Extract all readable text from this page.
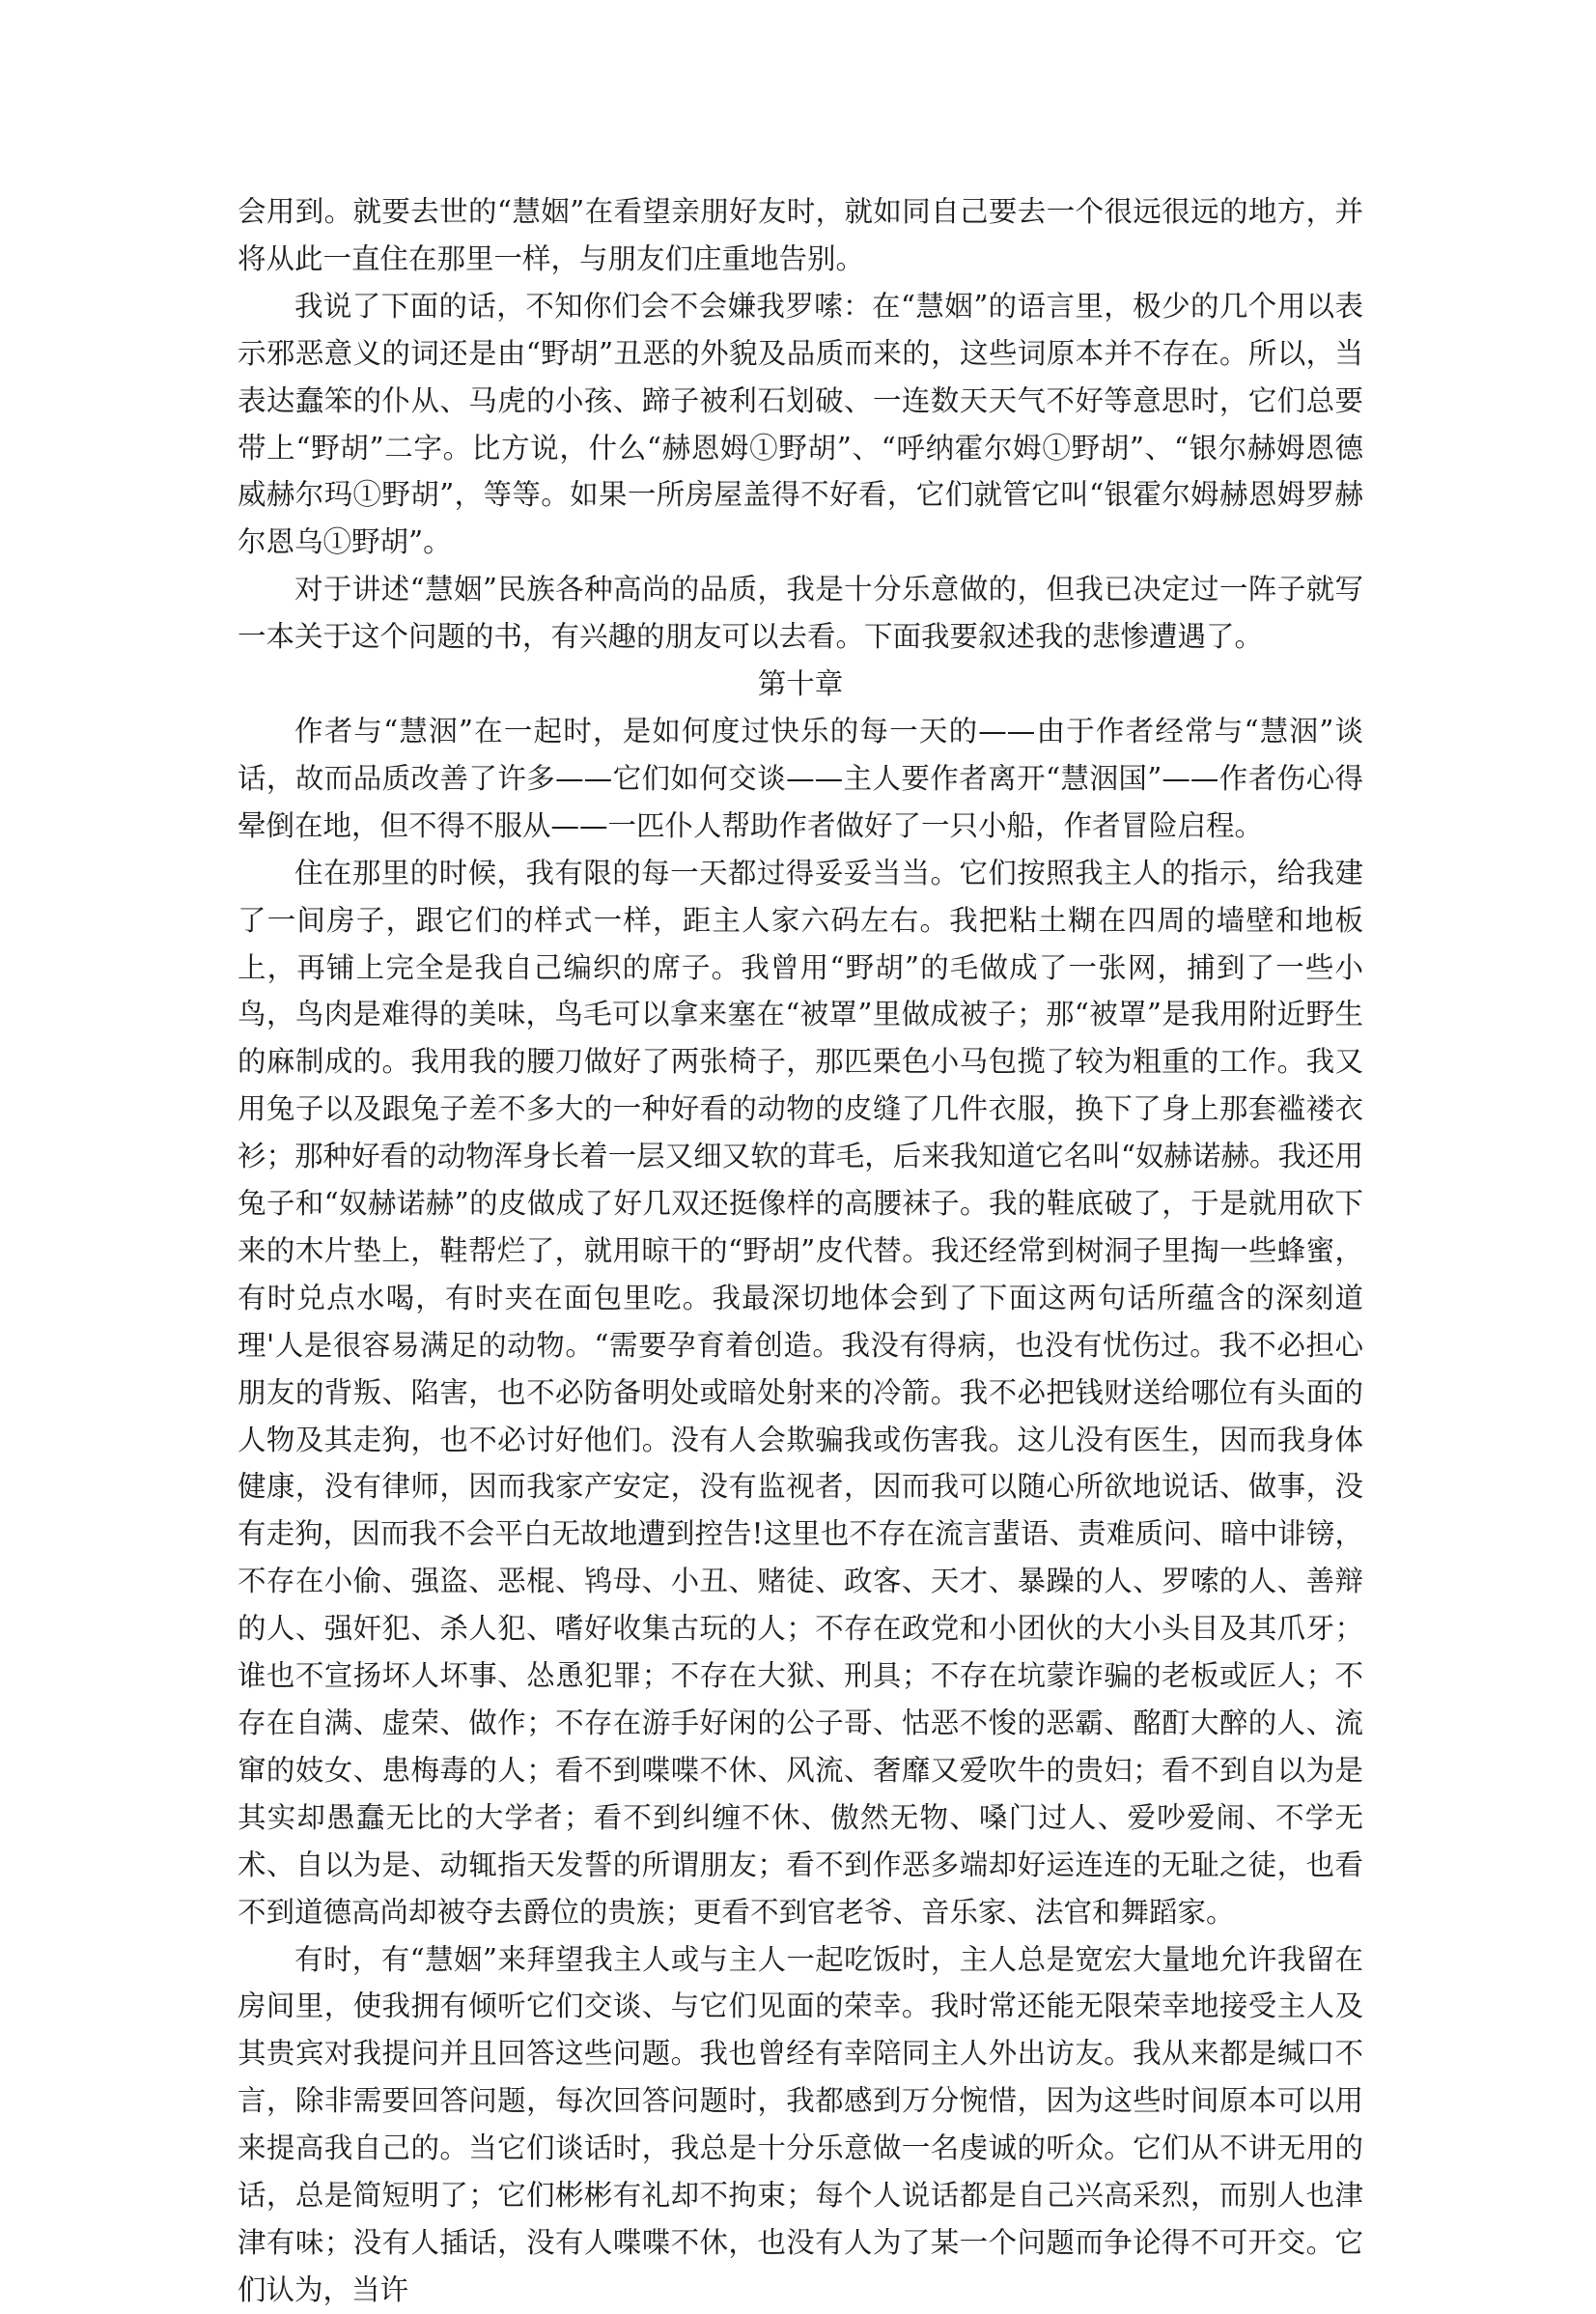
会用到。就要去世的“慧姻”在看望亲朋好友时，就如同自己要去一个很远很远的地方，并将从此一直住在那里一样，与朋友们庄重地告别。

我说了下面的话，不知你们会不会嫌我罗嗦：在“慧姻”的语言里，极少的几个用以表示邪恶意义的词还是由“野胡”丑恶的外貌及品质而来的，这些词原本并不存在。所以，当表达蠢笨的仆从、马虎的小孩、蹄子被利石划破、一连数天天气不好等意思时，它们总要带上“野胡”二字。比方说，什么“赫恩姆①野胡”、“呼纳霍尔姆①野胡”、“银尔赫姆恩德威赫尔玛①野胡”，等等。如果一所房屋盖得不好看，它们就管它叫“银霍尔姆赫恩姆罗赫尔恩乌①野胡”。

对于讲述“慧姻”民族各种高尚的品质，我是十分乐意做的，但我已决定过一阵子就写一本关于这个问题的书，有兴趣的朋友可以去看。下面我要叙述我的悲惨遭遇了。

第十章

作者与“慧洇”在一起时，是如何度过快乐的每一天的——由于作者经常与“慧洇”谈话，故而品质改善了许多——它们如何交谈——主人要作者离开“慧洇国”——作者伤心得晕倒在地，但不得不服从——一匹仆人帮助作者做好了一只小船，作者冒险启程。

住在那里的时候，我有限的每一天都过得妥妥当当。它们按照我主人的指示，给我建了一间房子，跟它们的样式一样，距主人家六码左右。我把粘土糊在四周的墙壁和地板上，再铺上完全是我自己编织的席子。我曾用“野胡”的毛做成了一张网，捕到了一些小鸟，鸟肉是难得的美味，鸟毛可以拿来塞在“被罩”里做成被子；那“被罩”是我用附近野生的麻制成的。我用我的腰刀做好了两张椅子，那匹栗色小马包揽了较为粗重的工作。我又用兔子以及跟兔子差不多大的一种好看的动物的皮缝了几件衣服，换下了身上那套褴褛衣衫；那种好看的动物浑身长着一层又细又软的茸毛，后来我知道它名叫“奴赫诺赫。我还用兔子和“奴赫诺赫”的皮做成了好几双还挺像样的高腰袜子。我的鞋底破了，于是就用砍下来的木片垫上，鞋帮烂了，就用晾干的“野胡”皮代替。我还经常到树洞子里掏一些蜂蜜，有时兑点水喝，有时夹在面包里吃。我最深切地体会到了下面这两句话所蕴含的深刻道理'人是很容易满足的动物。“需要孕育着创造。我没有得病，也没有忧伤过。我不必担心朋友的背叛、陷害，也不必防备明处或暗处射来的冷箭。我不必把钱财送给哪位有头面的人物及其走狗，也不必讨好他们。没有人会欺骗我或伤害我。这儿没有医生，因而我身体健康，没有律师，因而我家产安定，没有监视者，因而我可以随心所欲地说话、做事，没有走狗，因而我不会平白无故地遭到控告!这里也不存在流言蜚语、责难质问、暗中诽镑，不存在小偷、强盗、恶棍、鸨母、小丑、赌徒、政客、天才、暴躁的人、罗嗦的人、善辩的人、强奸犯、杀人犯、嗜好收集古玩的人；不存在政党和小团伙的大小头目及其爪牙；谁也不宣扬坏人坏事、怂恿犯罪；不存在大狱、刑具；不存在坑蒙诈骗的老板或匠人；不存在自满、虚荣、做作；不存在游手好闲的公子哥、怙恶不悛的恶霸、酩酊大醉的人、流窜的妓女、患梅毒的人；看不到喋喋不休、风流、奢靡又爱吹牛的贵妇；看不到自以为是其实却愚蠢无比的大学者；看不到纠缠不休、傲然无物、嗓门过人、爱吵爱闹、不学无术、自以为是、动辄指天发誓的所谓朋友；看不到作恶多端却好运连连的无耻之徒，也看不到道德高尚却被夺去爵位的贵族；更看不到官老爷、音乐家、法官和舞蹈家。

有时，有“慧姻”来拜望我主人或与主人一起吃饭时，主人总是宽宏大量地允许我留在房间里，使我拥有倾听它们交谈、与它们见面的荣幸。我时常还能无限荣幸地接受主人及其贵宾对我提问并且回答这些问题。我也曾经有幸陪同主人外出访友。我从来都是缄口不言，除非需要回答问题，每次回答问题时，我都感到万分惋惜，因为这些时间原本可以用来提高我自己的。当它们谈话时，我总是十分乐意做一名虔诚的听众。它们从不讲无用的话，总是简短明了；它们彬彬有礼却不拘束；每个人说话都是自己兴高采烈，而别人也津津有味；没有人插话，没有人喋喋不休，也没有人为了某一个问题而争论得不可开交。它们认为，当许
